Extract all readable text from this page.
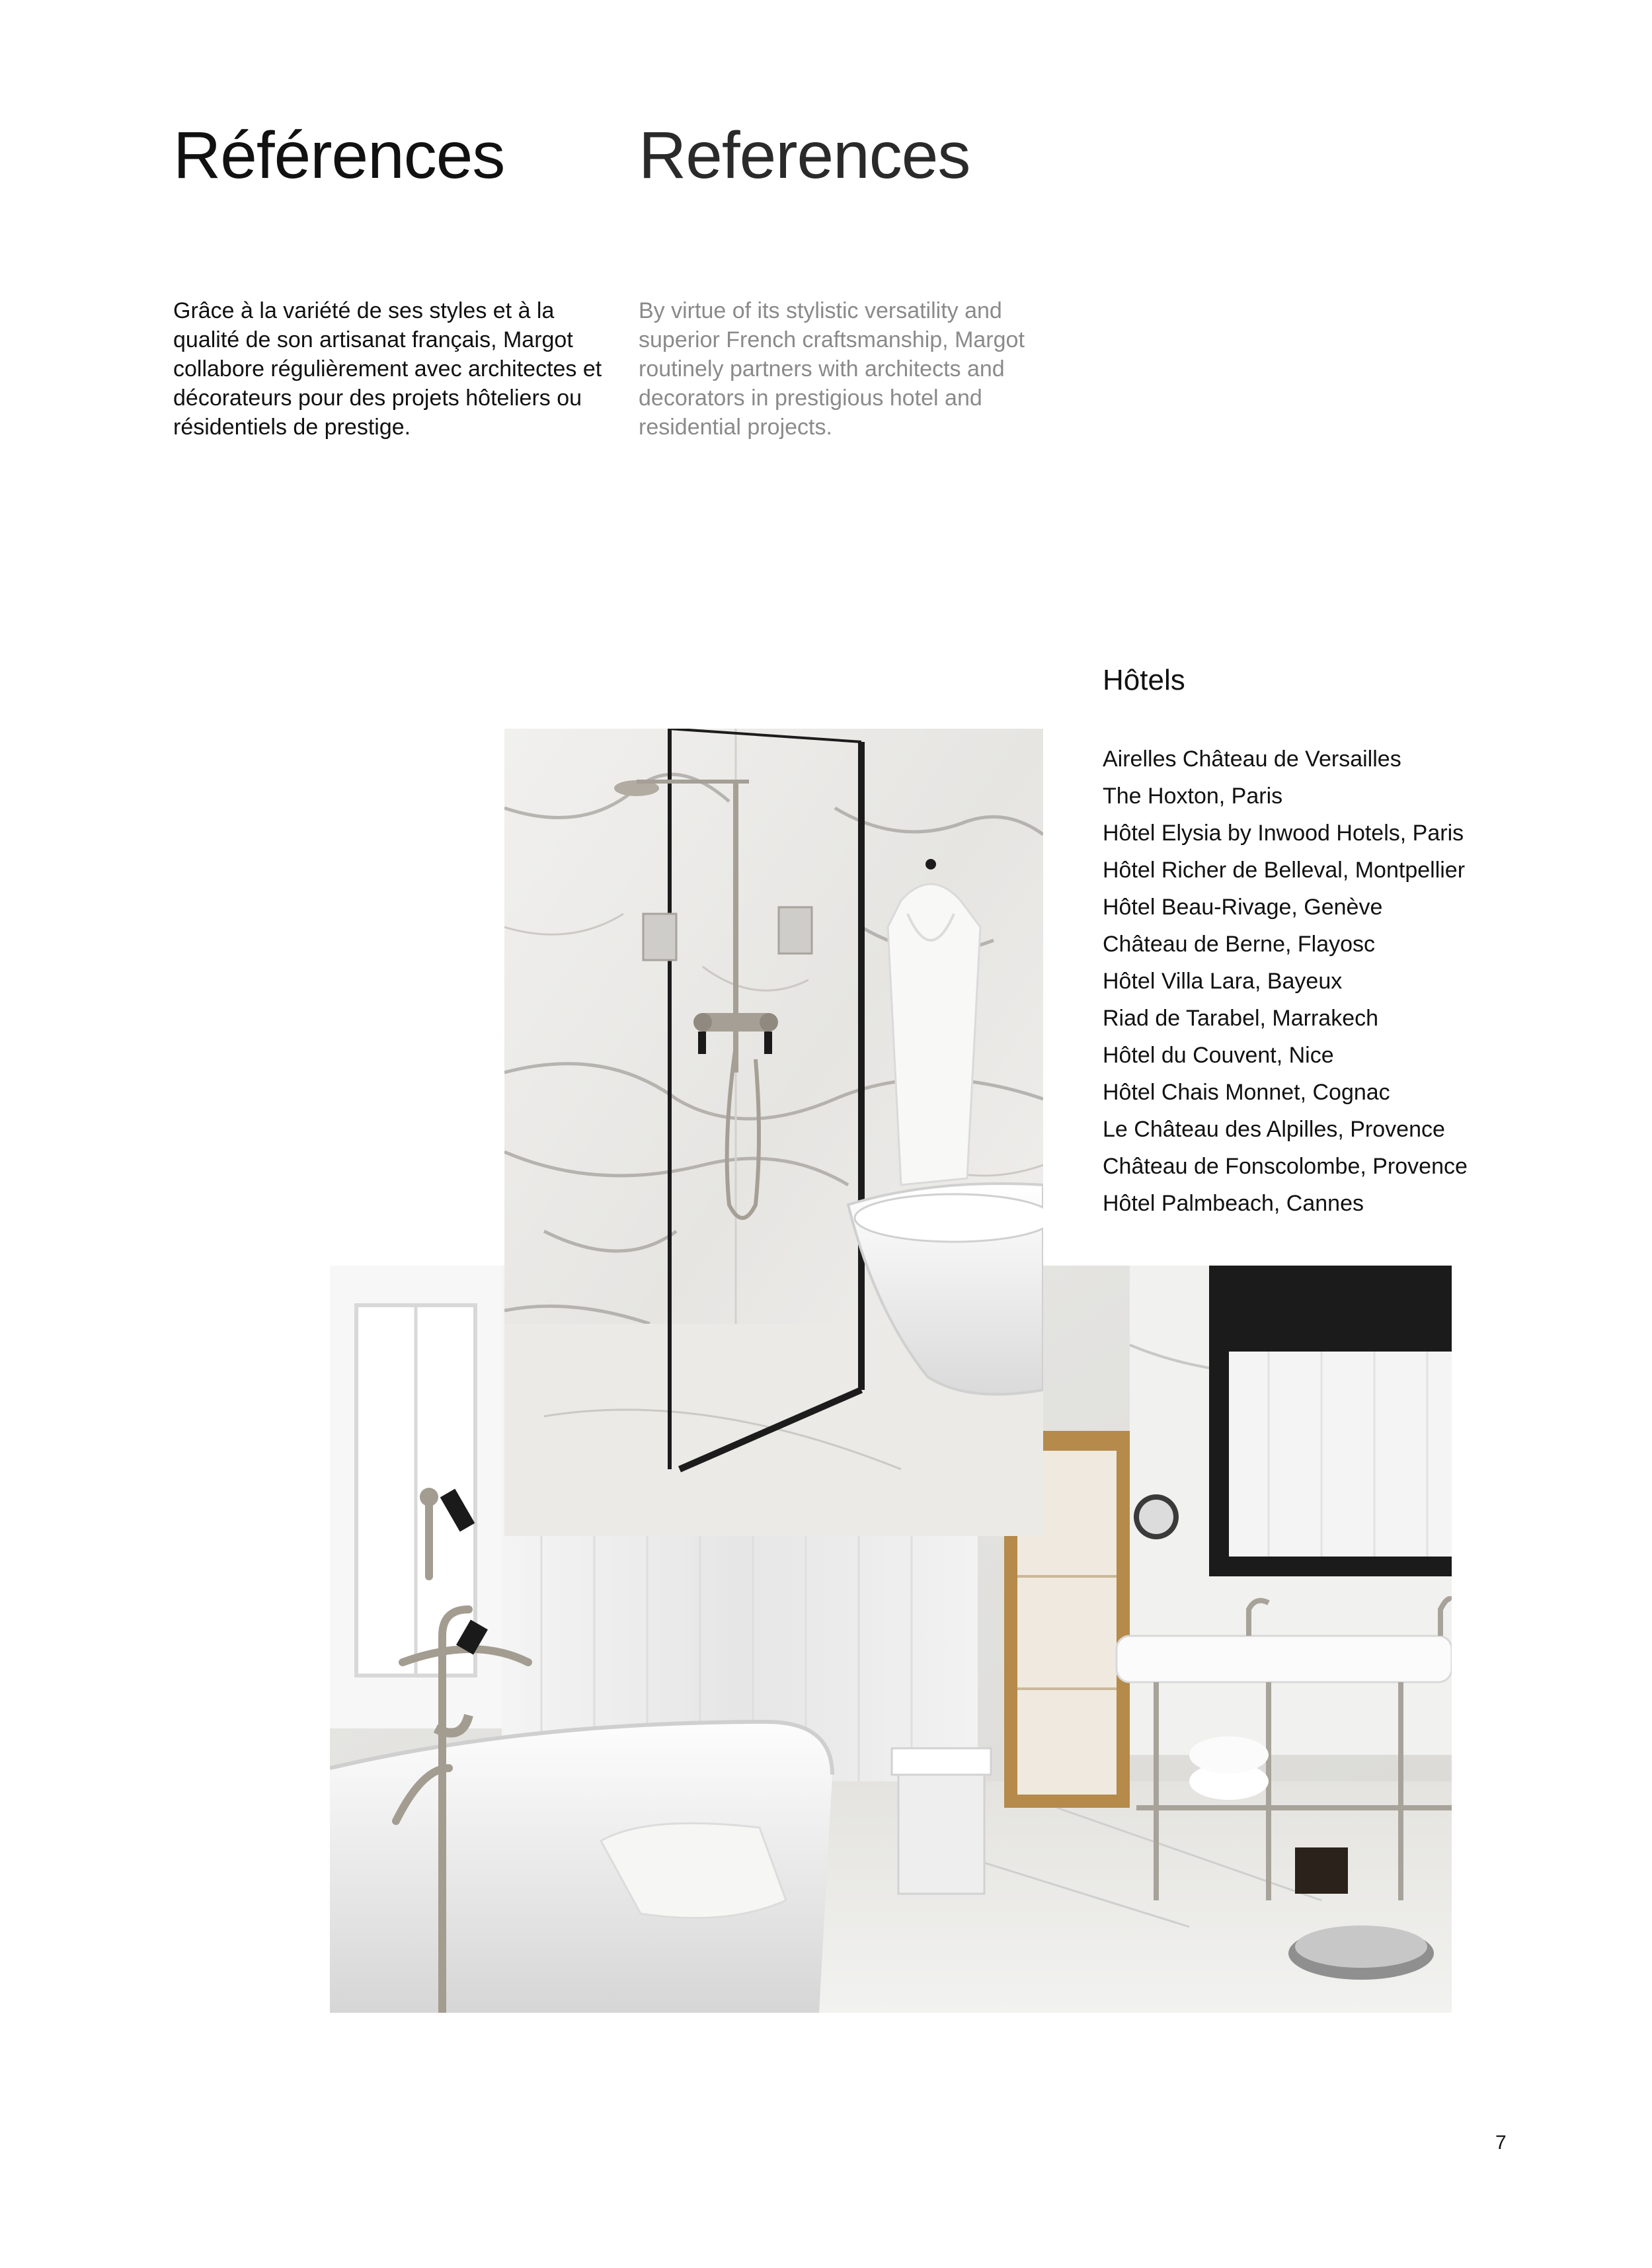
Références References

Grâce à la variété de ses styles et à la qualité de son artisanat français, Margot collabore régulièrement avec architectes et décorateurs pour des projets hôteliers ou résidentiels de prestige.

By virtue of its stylistic versatility and superior French craftsmanship, Margot routinely partners with architects and decorators in prestigious hotel and residential projects.

Hôtels
Airelles Château de Versailles
The Hoxton, Paris
Hôtel Elysia by Inwood Hotels, Paris
Hôtel Richer de Belleval, Montpellier
Hôtel Beau-Rivage, Genève
Château de Berne, Flayosc
Hôtel Villa Lara, Bayeux
Riad de Tarabel, Marrakech
Hôtel du Couvent, Nice
Hôtel Chais Monnet, Cognac
Le Château des Alpilles, Provence
Château de Fonscolombe, Provence
Hôtel Palmbeach, Cannes
7
